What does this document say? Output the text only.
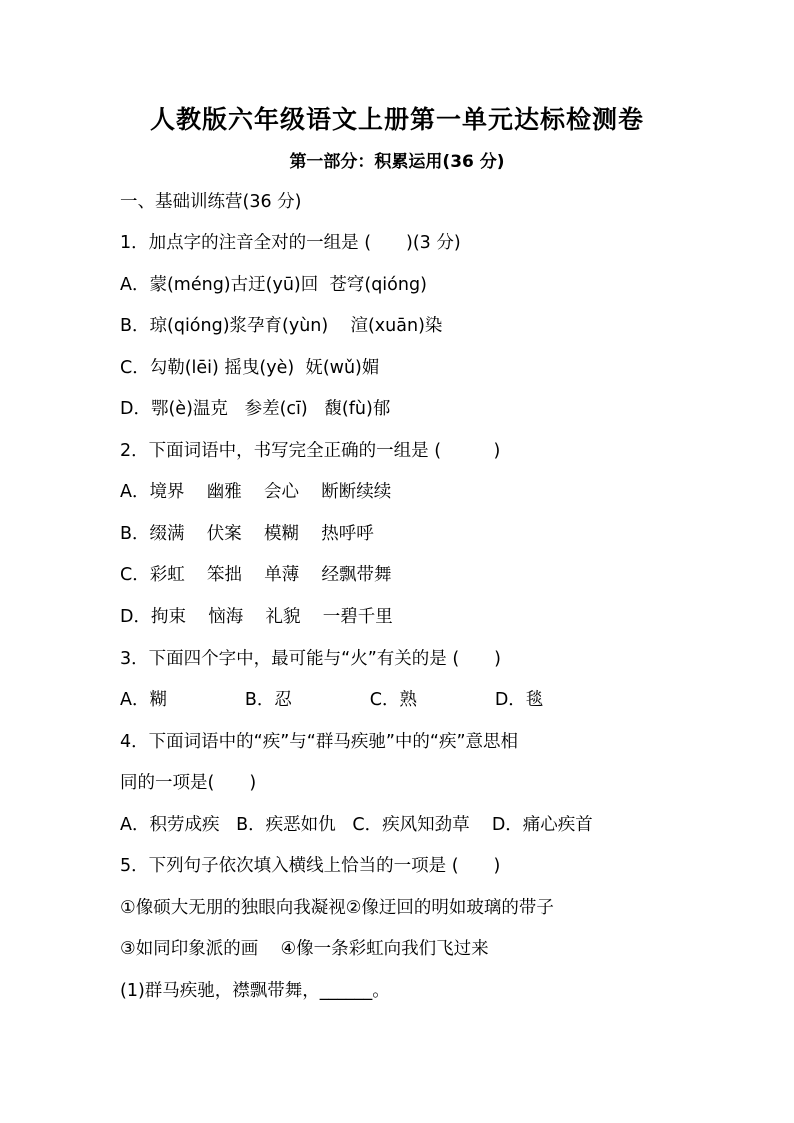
人教版六年级语文上册第一单元达标检测卷
第一部分：积累运用(36 分)
一、基础训练营(36 分)
1．加点字的注音全对的一组是 (　　)(3 分)
A．蒙(méng)古迂(yū)回  苍穹(qióng)
B．琼(qióng)浆孕育(yùn)    渲(xuān)染
C．勾勒(lēi) 摇曳(yè)  妩(wǔ)媚
D．鄂(è)温克   参差(cī)   馥(fù)郁
2．下面词语中，书写完全正确的一组是 (　　　)
A．境界    幽雅    会心    断断续续
B．缀满    伏案    模糊    热呼呼
C．彩虹    笨拙    单薄    经飘带舞
D．拘束    恼海    礼貌    一碧千里
3．下面四个字中，最可能与“火”有关的是 (　　)
A．糊              B．忍              C．熟              D．毯
4．下面词语中的“疾”与“群马疾驰”中的“疾”意思相
同的一项是(　　)
A．积劳成疾   B．疾恶如仇   C．疾风知劲草    D．痛心疾首
5．下列句子依次填入横线上恰当的一项是 (　　)
①像硕大无朋的独眼向我凝视②像迂回的明如玻璃的带子
③如同印象派的画    ④像一条彩虹向我们飞过来
(1)群马疾驰，襟飘带舞，______。
